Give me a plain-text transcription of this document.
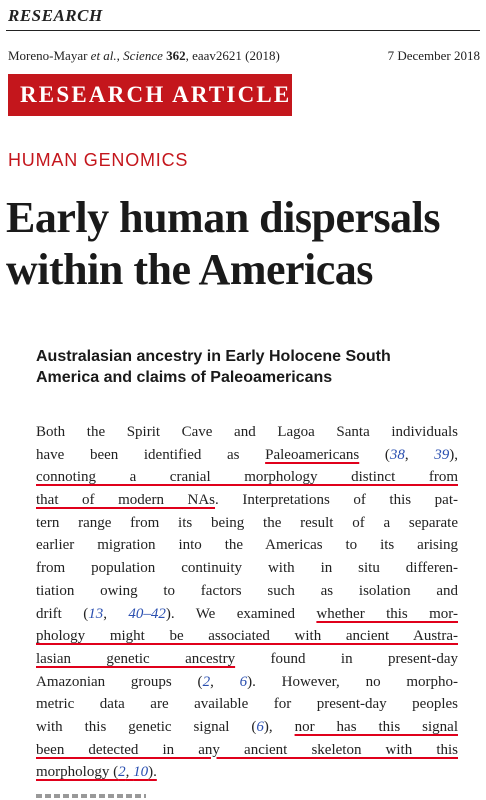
RESEARCH
Moreno-Mayar et al., Science 362, eaav2621 (2018)	7 December 2018
RESEARCH ARTICLE
HUMAN GENOMICS
Early human dispersals within the Americas
Australasian ancestry in Early Holocene South America and claims of Paleoamericans
Both the Spirit Cave and Lagoa Santa individuals
have been identified as Paleoamericans (38, 39),
connoting a cranial morphology distinct from
that of modern NAs. Interpretations of this pat-
tern range from its being the result of a separate
earlier migration into the Americas to its arising
from population continuity with in situ differen-
tiation owing to factors such as isolation and
drift (13, 40–42). We examined whether this mor-
phology might be associated with ancient Austra-
lasian genetic ancestry found in present-day
Amazonian groups (2, 6). However, no morpho-
metric data are available for present-day peoples
with this genetic signal (6), nor has this signal
been detected in any ancient skeleton with this
morphology (2, 10).
